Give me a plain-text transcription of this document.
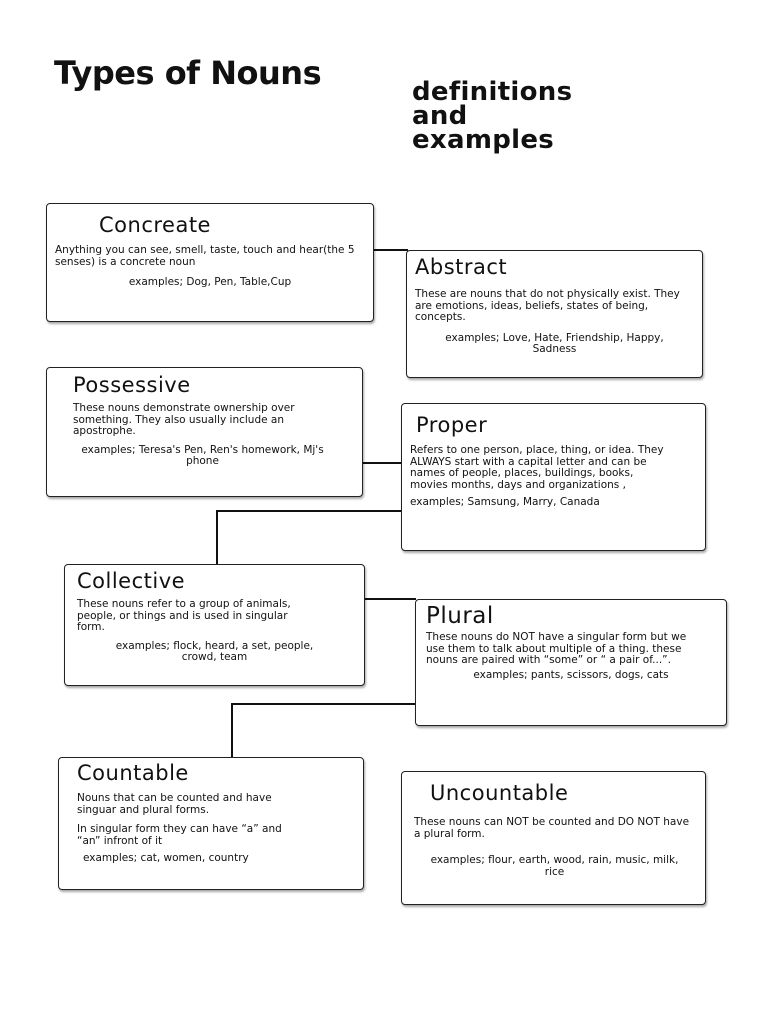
Types of Nouns	definitions
and
examples
Concreate

Anything you can see, smell, taste, touch and hear(the 5 senses) is a concrete noun

examples; Dog, Pen, Table,Cup

Abstract

These are nouns that do not physically exist. They are emotions, ideas, beliefs, states of being, concepts.

examples; Love, Hate, Friendship, Happy, Sadness

Possessive

These nouns demonstrate ownership over something. They also usually include an apostrophe.

examples; Teresa's Pen, Ren's homework, Mj's phone

Proper

Refers to one person, place, thing, or idea. They ALWAYS start with a capital letter and can be names of people, places, buildings, books, movies months, days and organizations ,

examples; Samsung, Marry, Canada

Collective

These nouns refer to a group of animals, people, or things and is used in singular form.

examples; flock, heard, a set, people, crowd, team

Plural

These nouns do NOT have a singular form but we use them to talk about multiple of a thing. these nouns are paired with “some” or “ a pair of...”.

examples; pants, scissors, dogs, cats

Countable

Nouns that can be counted and have singuar and plural forms.

In singular form they can have “a” and “an” infront of it

examples; cat, women, country

Uncountable

These nouns can NOT be counted and DO NOT have a plural form.

examples; flour, earth, wood, rain, music, milk, rice
